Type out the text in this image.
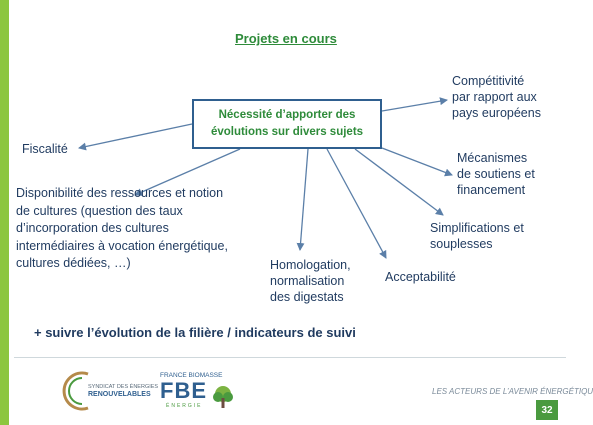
Projets en cours
Nécessité d’apporter des
évolutions sur divers sujets
Compétitivité
par rapport aux
pays européens
Fiscalité
Mécanismes
de soutiens et
financement
Disponibilité des ressources et notion
de cultures (question des taux
d’incorporation des cultures
intermédiaires à vocation énergétique,
cultures dédiées, …)
Simplifications et
souplesses
Homologation,
normalisation
des digestats
Acceptabilité
+ suivre l’évolution de la filière / indicateurs de suivi
SYNDICAT DES ÉNERGIES
RENOUVELABLES
FRANCE BIOMASSE
FBE
ÉNERGIE
LES ACTEURS DE L’AVENIR ÉNERGÉTIQU
32
